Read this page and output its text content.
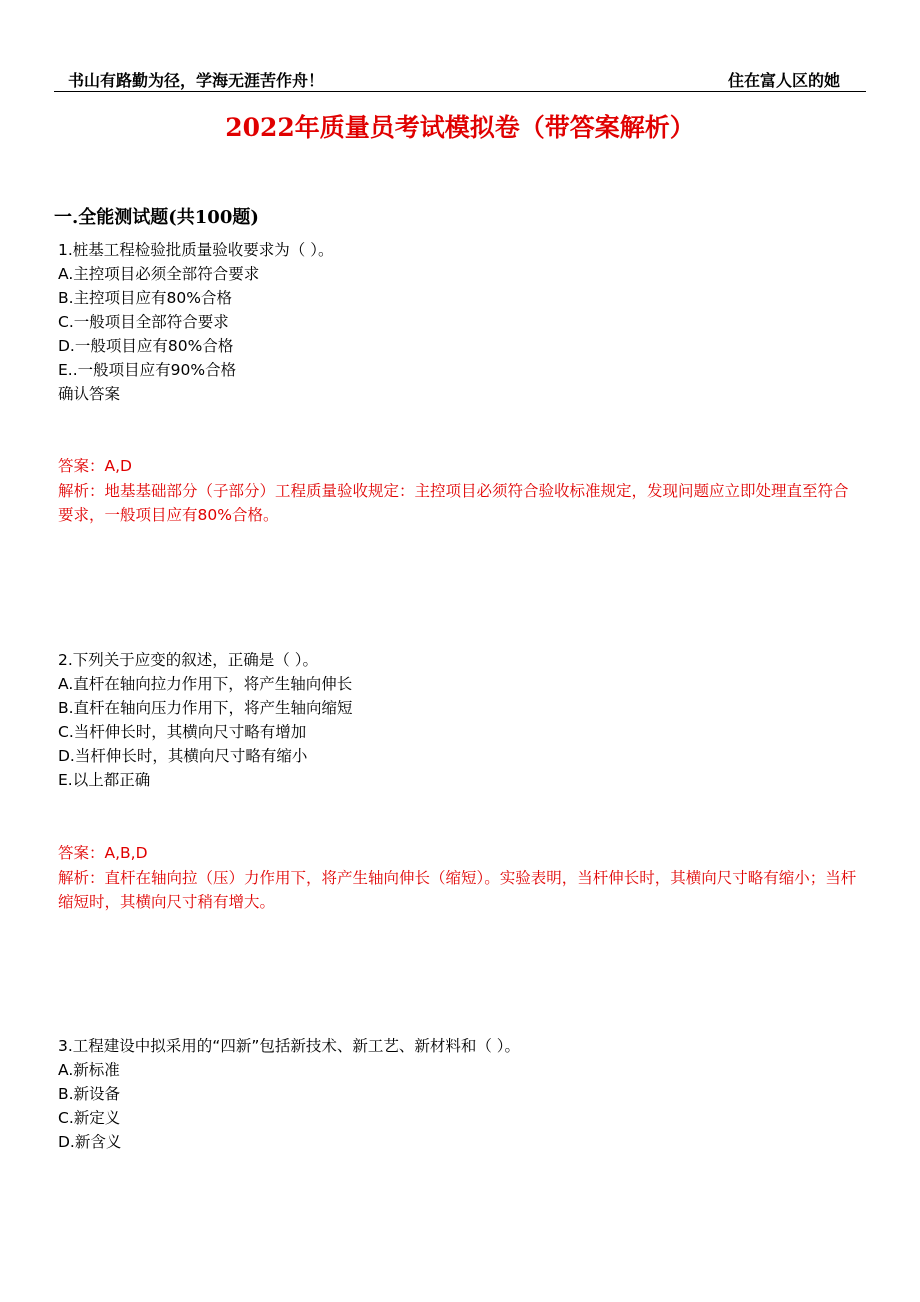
书山有路勤为径，学海无涯苦作舟！	住在富人区的她
2022年质量员考试模拟卷（带答案解析）
一.全能测试题(共100题)
1.桩基工程检验批质量验收要求为（ ）。
A.主控项目必须全部符合要求
B.主控项目应有80%合格
C.一般项目全部符合要求
D.一般项目应有80%合格
E..一般项目应有90%合格
确认答案
答案：A,D
解析：地基基础部分（子部分）工程质量验收规定：主控项目必须符合验收标准规定，发现问题应立即处理直至符合要求，一般项目应有80%合格。
2.下列关于应变的叙述，正确是（ ）。
A.直杆在轴向拉力作用下，将产生轴向伸长
B.直杆在轴向压力作用下，将产生轴向缩短
C.当杆伸长时，其横向尺寸略有增加
D.当杆伸长时，其横向尺寸略有缩小
E.以上都正确
答案：A,B,D
解析：直杆在轴向拉（压）力作用下，将产生轴向伸长（缩短）。实验表明，当杆伸长时，其横向尺寸略有缩小；当杆缩短时，其横向尺寸稍有增大。
3.工程建设中拟采用的“四新”包括新技术、新工艺、新材料和（ ）。
A.新标准
B.新设备
C.新定义
D.新含义
